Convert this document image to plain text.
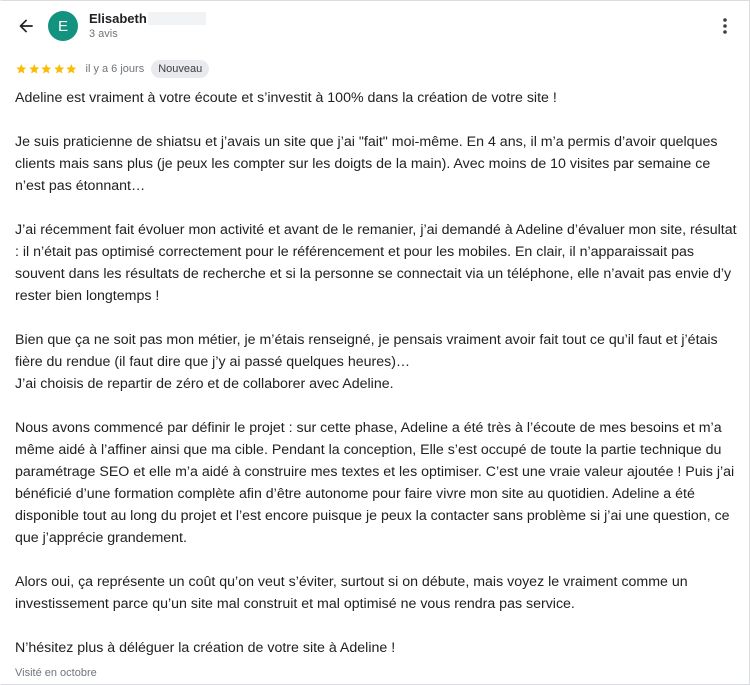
E Elisabeth
3 avis
il y a 6 jours	Nouveau

Adeline est vraiment à votre écoute et s’investit à 100% dans la création de votre site !

Je suis praticienne de shiatsu et j’avais un site que j’ai "fait" moi-même. En 4 ans, il m’a permis d’avoir quelques clients mais sans plus (je peux les compter sur les doigts de la main). Avec moins de 10 visites par semaine ce n’est pas étonnant…

J’ai récemment fait évoluer mon activité et avant de le remanier, j’ai demandé à Adeline d’évaluer mon site, résultat : il n’était pas optimisé correctement pour le référencement et pour les mobiles. En clair, il n’apparaissait pas souvent dans les résultats de recherche et si la personne se connectait via un téléphone, elle n’avait pas envie d’y rester bien longtemps !

Bien que ça ne soit pas mon métier, je m’étais renseigné, je pensais vraiment avoir fait tout ce qu’il faut et j’étais fière du rendue (il faut dire que j’y ai passé quelques heures)…
J’ai choisis de repartir de zéro et de collaborer avec Adeline.

Nous avons commencé par définir le projet : sur cette phase, Adeline a été très à l’écoute de mes besoins et m’a même aidé à l’affiner ainsi que ma cible. Pendant la conception, Elle s’est occupé de toute la partie technique du paramétrage SEO et elle m’a aidé à construire mes textes et les optimiser. C’est une vraie valeur ajoutée ! Puis j’ai bénéficié d’une formation complète afin d’être autonome pour faire vivre mon site au quotidien. Adeline a été disponible tout au long du projet et l’est encore puisque je peux la contacter sans problème si j’ai une question, ce que j’apprécie grandement.

Alors oui, ça représente un coût qu’on veut s’éviter, surtout si on débute, mais voyez le vraiment comme un investissement parce qu’un site mal construit et mal optimisé ne vous rendra pas service.

N’hésitez plus à déléguer la création de votre site à Adeline !

Visité en octobre
